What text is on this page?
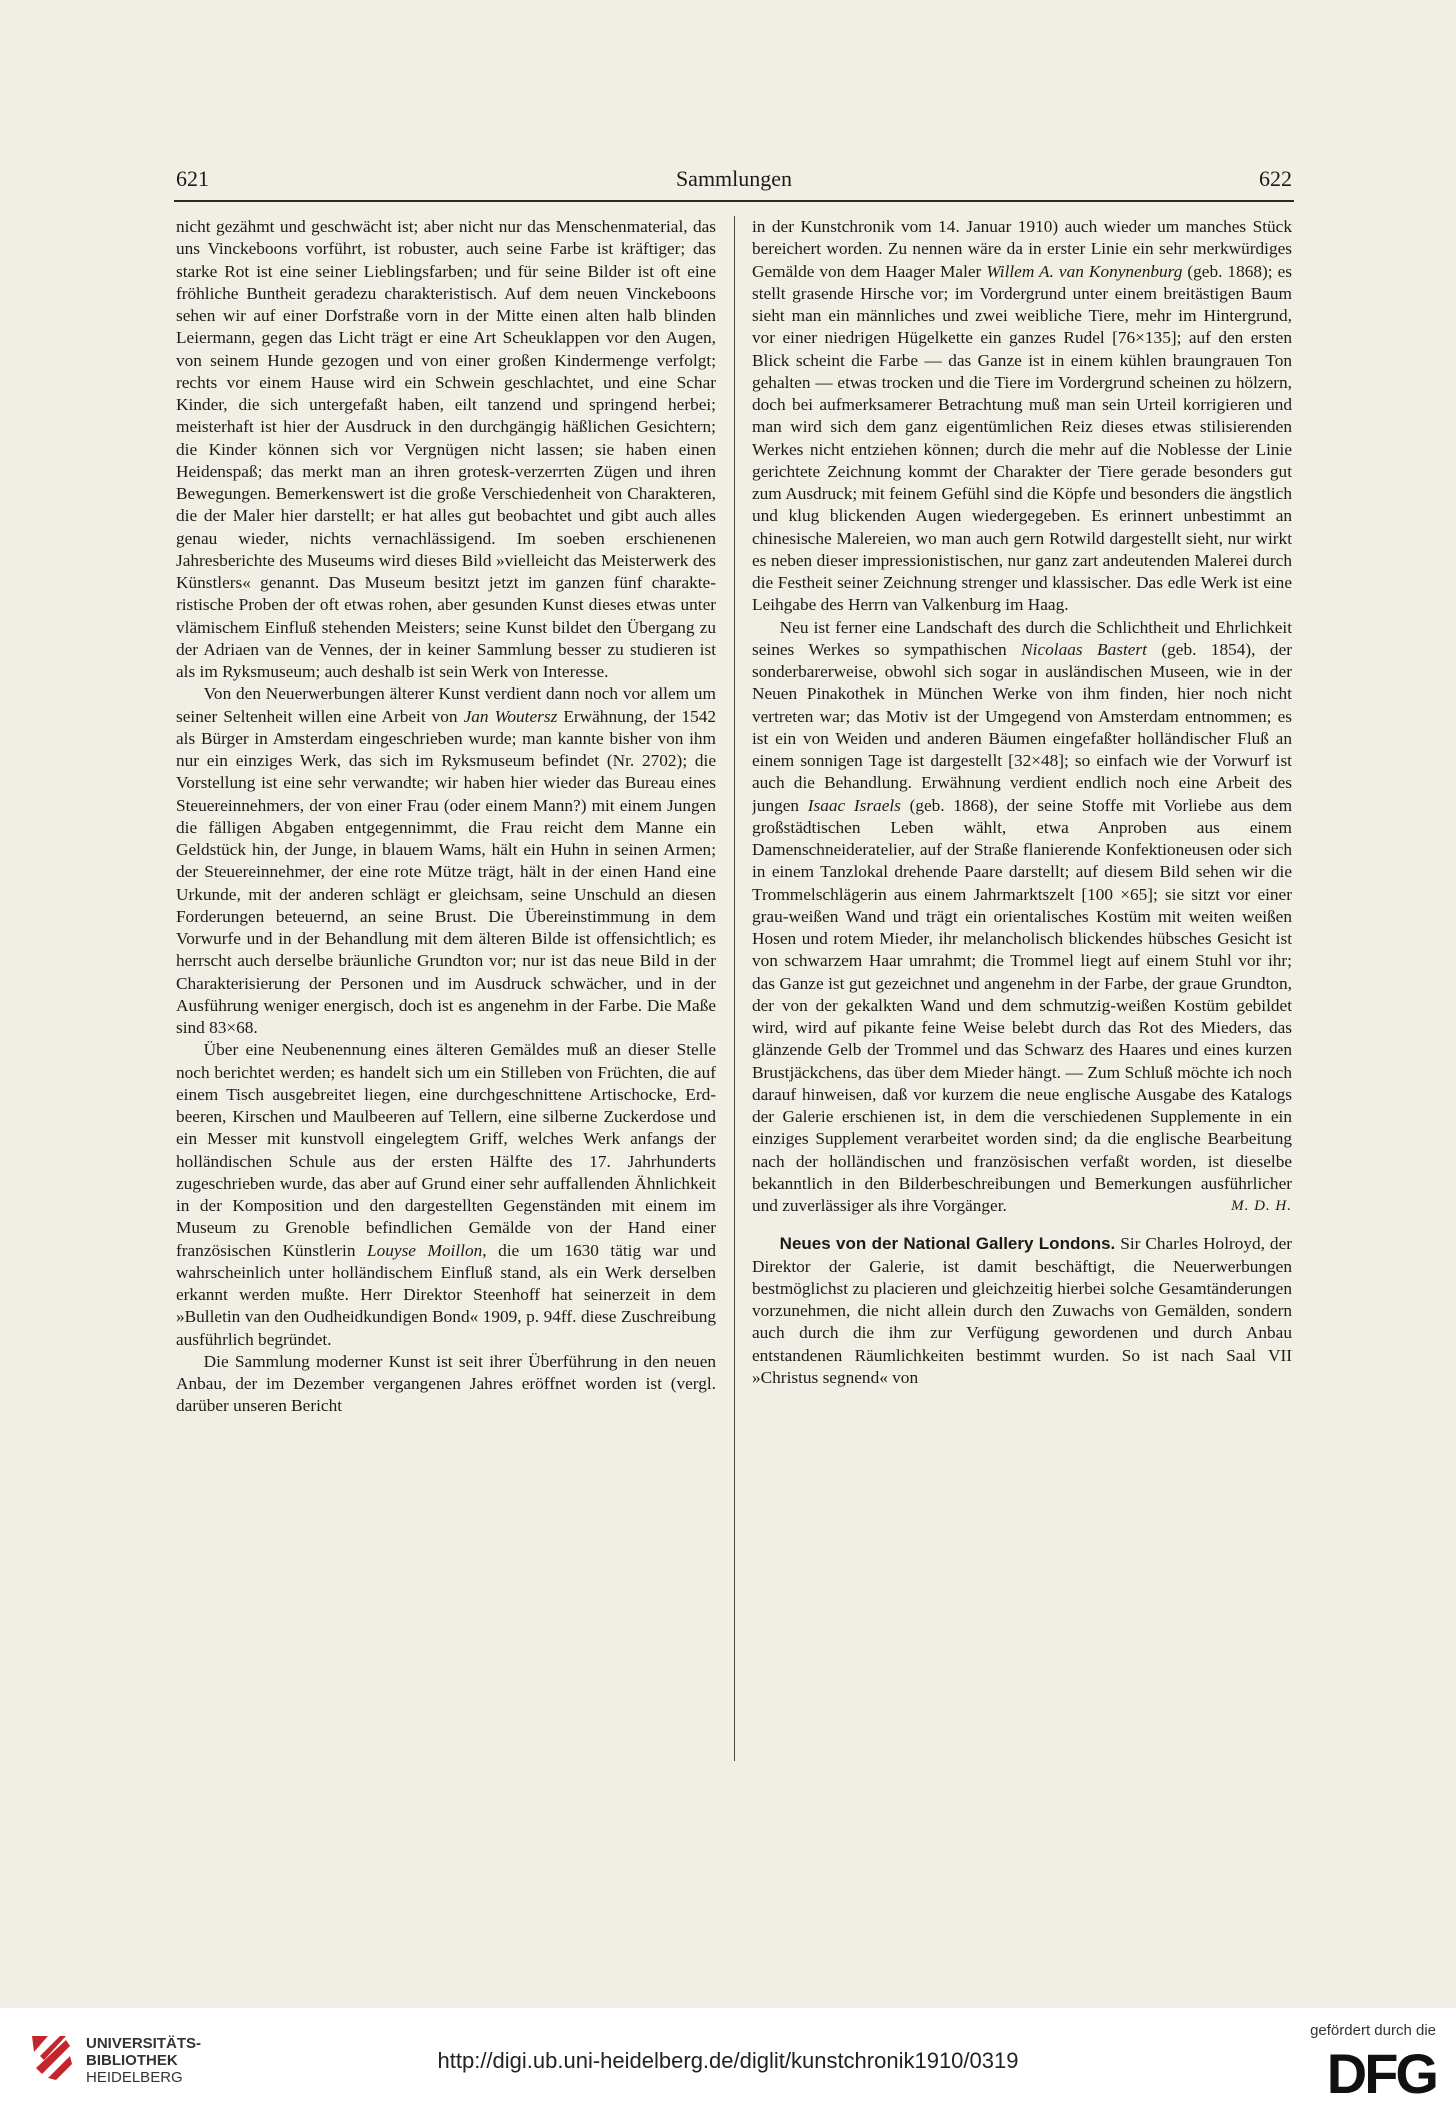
621	Sammlungen	622

nicht gezähmt und geschwächt ist; aber nicht nur das Menschenmaterial, das uns Vinckeboons vorführt, ist robuster, auch seine Farbe ist kräftiger; das starke Rot ist eine seiner Lieblingsfarben; und für seine Bilder ist oft eine fröhliche Buntheit geradezu charakteristisch. Auf dem neuen Vinckeboons sehen wir auf einer Dorfstraße vorn in der Mitte einen alten halb blinden Leiermann, gegen das Licht trägt er eine Art Scheuklappen vor den Augen, von seinem Hunde gezogen und von einer großen Kindermenge verfolgt; rechts vor einem Hause wird ein Schwein geschlachtet, und eine Schar Kinder, die sich untergefaßt haben, eilt tanzend und springend herbei; meisterhaft ist hier der Ausdruck in den durchgängig häßlichen Gesichtern; die Kinder können sich vor Vergnügen nicht lassen; sie haben einen Heidenspaß; das merkt man an ihren grotesk-verzerrten Zügen und ihren Bewegungen. Bemerkenswert ist die große Verschiedenheit von Charakteren, die der Maler hier darstellt; er hat alles gut beobachtet und gibt auch alles genau wieder, nichts vernachlässigend. Im soeben erschienenen Jahresberichte des Museums wird dieses Bild »vielleicht das Meisterwerk des Künstlers« genannt. Das Museum besitzt jetzt im ganzen fünf charakteristische Proben der oft etwas rohen, aber gesunden Kunst dieses etwas unter vlämischem Einfluß stehenden Meisters; seine Kunst bildet den Übergang zu der Adriaen van de Vennes, der in keiner Sammlung besser zu studieren ist als im Ryksmuseum; auch deshalb ist sein Werk von Interesse.

Von den Neuerwerbungen älterer Kunst verdient dann noch vor allem um seiner Seltenheit willen eine Arbeit von Jan Woutersz Erwähnung, der 1542 als Bürger in Amsterdam eingeschrieben wurde; man kannte bisher von ihm nur ein einziges Werk, das sich im Ryksmuseum befindet (Nr. 2702); die Vorstellung ist eine sehr verwandte; wir haben hier wieder das Bureau eines Steuereinnehmers, der von einer Frau (oder einem Mann?) mit einem Jungen die fälligen Abgaben entgegennimmt, die Frau reicht dem Manne ein Geldstück hin, der Junge, in blauem Wams, hält ein Huhn in seinen Armen; der Steuereinnehmer, der eine rote Mütze trägt, hält in der einen Hand eine Urkunde, mit der anderen schlägt er gleichsam, seine Unschuld an diesen Forderungen beteuernd, an seine Brust. Die Übereinstimmung in dem Vorwurfe und in der Behandlung mit dem älteren Bilde ist offensichtlich; es herrscht auch derselbe bräunliche Grundton vor; nur ist das neue Bild in der Charakterisierung der Personen und im Ausdruck schwächer, und in der Ausführung weniger energisch, doch ist es angenehm in der Farbe. Die Maße sind 83×68.

Über eine Neubenennung eines älteren Gemäldes muß an dieser Stelle noch berichtet werden; es handelt sich um ein Stilleben von Früchten, die auf einem Tisch ausgebreitet liegen, eine durchgeschnittene Artischocke, Erdbeeren, Kirschen und Maulbeeren auf Tellern, eine silberne Zuckerdose und ein Messer mit kunstvoll eingelegtem Griff, welches Werk anfangs der holländischen Schule aus der ersten Hälfte des 17. Jahrhunderts zugeschrieben wurde, das aber auf Grund einer sehr auffallenden Ähnlichkeit in der Komposition und den dargestellten Gegenständen mit einem im Museum zu Grenoble befindlichen Gemälde von der Hand einer französischen Künstlerin Louyse Moillon, die um 1630 tätig war und wahrscheinlich unter holländischem Einfluß stand, als ein Werk derselben erkannt werden mußte. Herr Direktor Steenhoff hat seinerzeit in dem »Bulletin van den Oudheidkundigen Bond« 1909, p. 94ff. diese Zuschreibung ausführlich begründet.

Die Sammlung moderner Kunst ist seit ihrer Überführung in den neuen Anbau, der im Dezember vergangenen Jahres eröffnet worden ist (vergl. darüber unseren Bericht

in der Kunstchronik vom 14. Januar 1910) auch wieder um manches Stück bereichert worden. Zu nennen wäre da in erster Linie ein sehr merkwürdiges Gemälde von dem Haager Maler Willem A. van Konynenburg (geb. 1868); es stellt grasende Hirsche vor; im Vordergrund unter einem breitästigen Baum sieht man ein männliches und zwei weibliche Tiere, mehr im Hintergrund, vor einer niedrigen Hügelkette ein ganzes Rudel [76×135]; auf den ersten Blick scheint die Farbe — das Ganze ist in einem kühlen braungrauen Ton gehalten — etwas trocken und die Tiere im Vordergrund scheinen zu hölzern, doch bei aufmerksamerer Betrachtung muß man sein Urteil korrigieren und man wird sich dem ganz eigentümlichen Reiz dieses etwas stilisierenden Werkes nicht entziehen können; durch die mehr auf die Noblesse der Linie gerichtete Zeichnung kommt der Charakter der Tiere gerade besonders gut zum Ausdruck; mit feinem Gefühl sind die Köpfe und besonders die ängstlich und klug blickenden Augen wiedergegeben. Es erinnert unbestimmt an chinesische Malereien, wo man auch gern Rotwild dargestellt sieht, nur wirkt es neben dieser impressionistischen, nur ganz zart andeutenden Malerei durch die Festheit seiner Zeichnung strenger und klassischer. Das edle Werk ist eine Leihgabe des Herrn van Valkenburg im Haag.

Neu ist ferner eine Landschaft des durch die Schlichtheit und Ehrlichkeit seines Werkes so sympathischen Nicolaas Bastert (geb. 1854), der sonderbarerweise, obwohl sich sogar in ausländischen Museen, wie in der Neuen Pinakothek in München Werke von ihm finden, hier noch nicht vertreten war; das Motiv ist der Umgegend von Amsterdam entnommen; es ist ein von Weiden und anderen Bäumen eingefaßter holländischer Fluß an einem sonnigen Tage ist dargestellt [32×48]; so einfach wie der Vorwurf ist auch die Behandlung. Erwähnung verdient endlich noch eine Arbeit des jungen Isaac Israels (geb. 1868), der seine Stoffe mit Vorliebe aus dem großstädtischen Leben wählt, etwa Anproben aus einem Damenschneideratelier, auf der Straße flanierende Konfektioneusen oder sich in einem Tanzlokal drehende Paare darstellt; auf diesem Bild sehen wir die Trommelschlägerin aus einem Jahrmarktszelt [100 ×65]; sie sitzt vor einer grau-weißen Wand und trägt ein orientalisches Kostüm mit weiten weißen Hosen und rotem Mieder, ihr melancholisch blickendes hübsches Gesicht ist von schwarzem Haar umrahmt; die Trommel liegt auf einem Stuhl vor ihr; das Ganze ist gut gezeichnet und angenehm in der Farbe, der graue Grundton, der von der gekalkten Wand und dem schmutzig-weißen Kostüm gebildet wird, wird auf pikante feine Weise belebt durch das Rot des Mieders, das glänzende Gelb der Trommel und das Schwarz des Haares und eines kurzen Brustjäckchens, das über dem Mieder hängt. — Zum Schluß möchte ich noch darauf hinweisen, daß vor kurzem die neue englische Ausgabe des Katalogs der Galerie erschienen ist, in dem die verschiedenen Supplemente in ein einziges Supplement verarbeitet worden sind; da die englische Bearbeitung nach der holländischen und französischen verfaßt worden, ist dieselbe bekanntlich in den Bilderbeschreibungen und Bemerkungen ausführlicher und zuverlässiger als ihre Vorgänger.	M. D. H.

Neues von der National Gallery Londons. Sir Charles Holroyd, der Direktor der Galerie, ist damit beschäftigt, die Neuerwerbungen bestmöglichst zu placieren und gleichzeitig hierbei solche Gesamtänderungen vorzunehmen, die nicht allein durch den Zuwachs von Gemälden, sondern auch durch die ihm zur Verfügung gewordenen und durch Anbau entstandenen Räumlichkeiten bestimmt wurden. So ist nach Saal VII »Christus segnend« von

UNIVERSITÄTS-
BIBLIOTHEK
HEIDELBERG
http://digi.ub.uni-heidelberg.de/diglit/kunstchronik1910/0319
gefördert durch die
DFG
